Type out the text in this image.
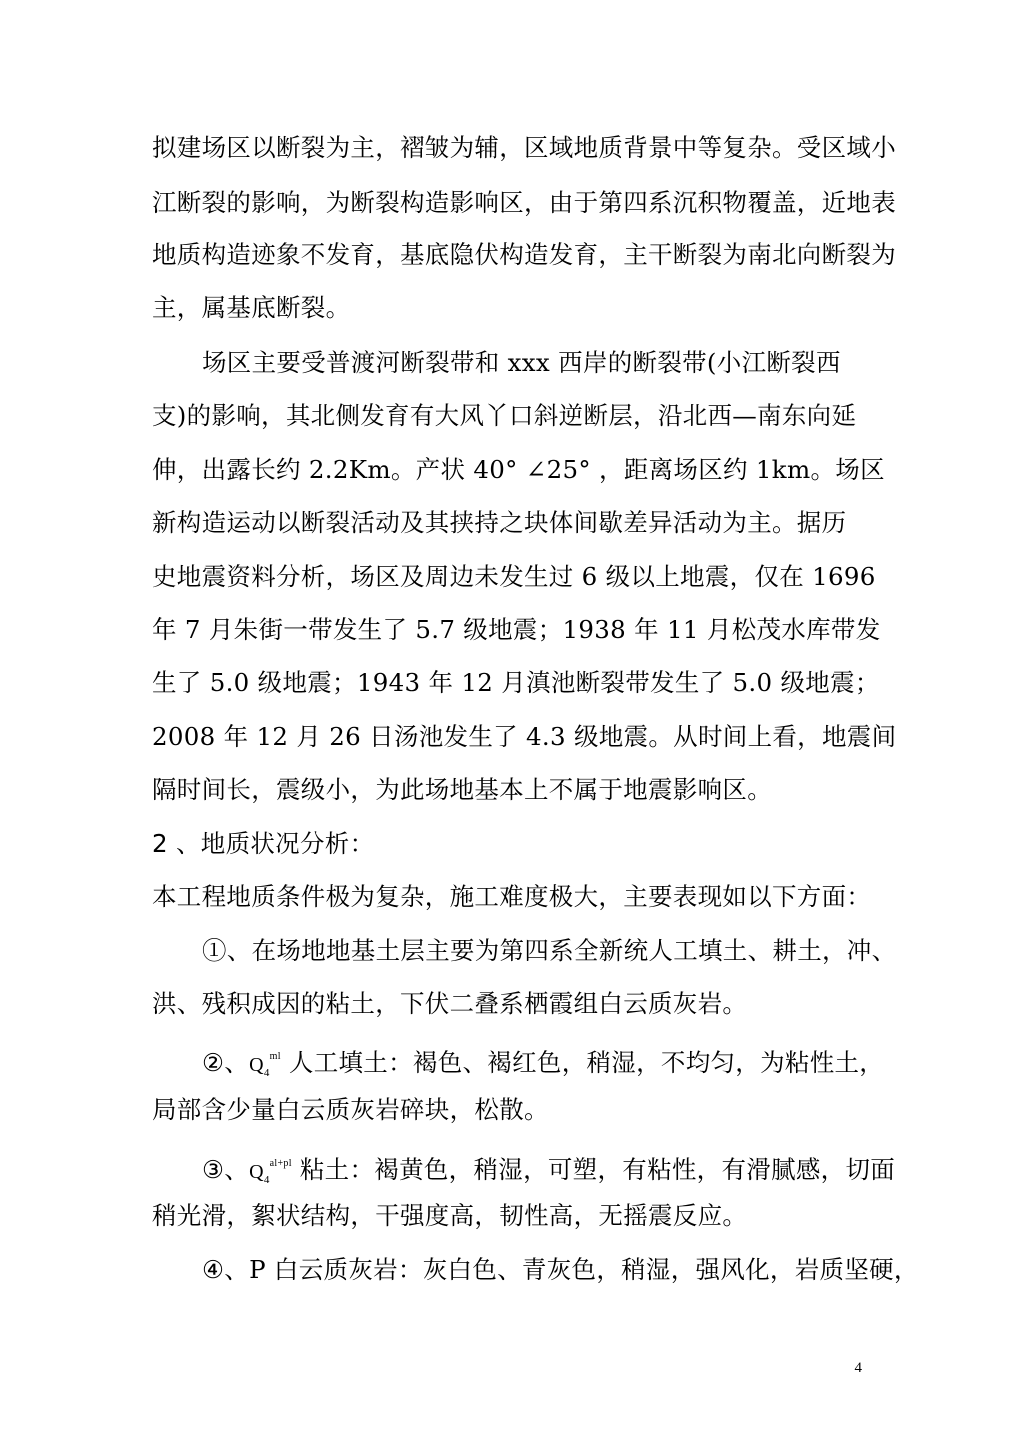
拟建场区以断裂为主，褶皱为辅，区域地质背景中等复杂。受区域小
江断裂的影响，为断裂构造影响区，由于第四系沉积物覆盖，近地表
地质构造迹象不发育，基底隐伏构造发育，主干断裂为南北向断裂为
主，属基底断裂。
场区主要受普渡河断裂带和 xxx 西岸的断裂带(小江断裂西
支)的影响，其北侧发育有大风丫口斜逆断层，沿北西—南东向延
伸，出露长约 2.2Km。产状 40° ∠25° ，距离场区约 1km。场区
新构造运动以断裂活动及其挟持之块体间歇差异活动为主。据历
史地震资料分析，场区及周边未发生过 6 级以上地震，仅在 1696
年 7 月朱街一带发生了 5.7 级地震；1938 年 11 月松茂水库带发
生了 5.0 级地震；1943 年 12 月滇池断裂带发生了 5.0 级地震；
2008 年 12 月 26 日汤池发生了 4.3 级地震。从时间上看，地震间
隔时间长，震级小，为此场地基本上不属于地震影响区。
2 、地质状况分析：
本工程地质条件极为复杂，施工难度极大，主要表现如以下方面：
①、在场地地基土层主要为第四系全新统人工填土、耕土，冲、
洪、残积成因的粘土，下伏二叠系栖霞组白云质灰岩。
②、$Q_4^{ml}$ 人工填土：褐色、褐红色，稍湿，不均匀，为粘性土，
局部含少量白云质灰岩碎块，松散。
③、$Q_4^{al+pl}$ 粘土：褐黄色，稍湿，可塑，有粘性，有滑腻感，切面
稍光滑，絮状结构，干强度高，韧性高，无摇震反应。
④、P 白云质灰岩：灰白色、青灰色，稍湿，强风化，岩质坚硬，
4
